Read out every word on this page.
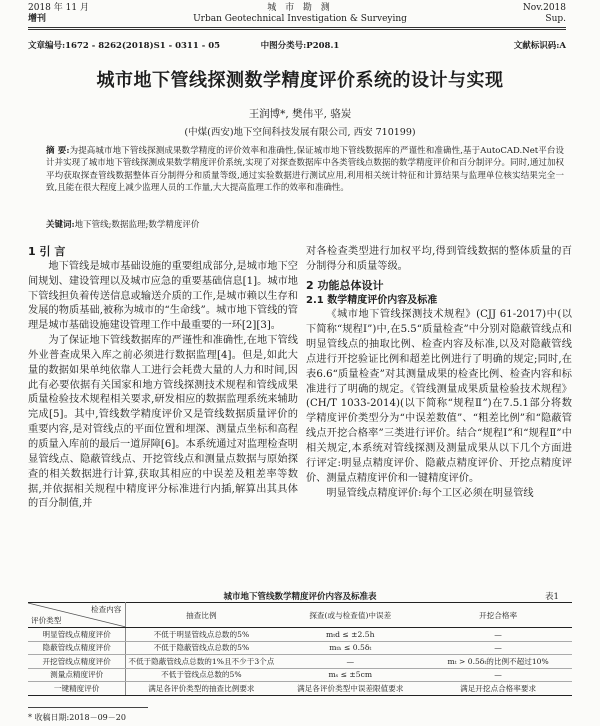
2018 年 11 月
增刊
城 市 勘 测
Urban Geotechnical Investigation & Surveying
Nov.2018
Sup.
文章编号:1672 - 8262(2018)S1 - 0311 - 05	中图分类号:P208.1	文献标识码:A
城市地下管线探测数学精度评价系统的设计与实现
王润博*, 樊伟平, 骆炭
(中煤(西安)地下空间科技发展有限公司, 西安 710199)
摘 要:为提高城市地下管线探测成果数学精度的评价效率和准确性,保证城市地下管线数据库的严谨性和准确性,基于AutoCAD.Net平台设计并实现了城市地下管线探测成果数学精度评价系统,实现了对探查数据库中各类管线点数据的数学精度评价和百分制评分。同时,通过加权平均获取探查管线数据整体百分制得分和质量等级,通过实验数据进行测试应用,利用相关统计特征和计算结果与监理单位核实结果完全一致,且能在很大程度上减少监理人员的工作量,大大提高监理工作的效率和准确性。
关键词:地下管线;数据监理;数学精度评价
1 引 言

地下管线是城市基础设施的重要组成部分,是城市地下空间规划、建设管理以及城市应急的重要基础信息[1]。城市地下管线担负着传送信息或输送介质的工作,是城市赖以生存和发展的物质基础,被称为城市的“生命线”。城市地下管线的管理是城市基础设施建设管理工作中最重要的一环[2][3]。

为了保证地下管线数据库的严谨性和准确性,在地下管线外业普查成果入库之前必须进行数据监理[4]。但是,如此大量的数据如果单纯依靠人工进行会耗费大量的人力和时间,因此有必要依据有关国家和地方管线探测技术规程和管线成果质量检验技术规程相关要求,研发相应的数据监理系统来辅助完成[5]。其中,管线数学精度评价又是管线数据质量评价的重要内容,是对管线点的平面位置和埋深、测量点坐标和高程的质量入库前的最后一道屏障[6]。本系统通过对监理检查明显管线点、隐蔽管线点、开挖管线点和测量点数据与原始探查的相关数据进行计算,获取其相应的中误差及粗差率等数据,并依据相关规程中精度评分标准进行内插,解算出其具体的百分制值,并

对各检查类型进行加权平均,得到管线数据的整体质量的百分制得分和质量等级。

2 功能总体设计
2.1 数学精度评价内容及标准

《城市地下管线探测技术规程》(CJJ 61-2017)中(以下简称“规程Ⅰ”)中,在5.5“质量检查”中分别对隐蔽管线点和明显管线点的抽取比例、检查内容及标准,以及对隐蔽管线点进行开挖验证比例和超差比例进行了明确的规定;同时,在表6.6“质量检查”对其测量成果的检查比例、检查内容和标准进行了明确的规定。《管线测量成果质量检验技术规程》(CH/T 1033-2014)(以下简称“规程Ⅱ”)在7.5.1部分将数学精度评价类型分为“中误差数值”、“粗差比例”和“隐蔽管线点开挖合格率”三类进行评价。结合“规程Ⅰ”和“规程Ⅱ”中相关规定,本系统对管线探测及测量成果从以下几个方面进行评定:明显点精度评价、隐蔽点精度评价、开挖点精度评价、测量点精度评价和一键精度评价。

明显管线点精度评价:每个工区必须在明显管线

城市地下管线数学精度评价内容及标准表	表1
检查内容
评价类型	抽查比例	探查(或与检查值)中误差	开挖合格率
明显管线点精度评价	不低于明显管线点总数的5%	mₜd ≤ ±2.5h	—
隐蔽管线点精度评价	不低于隐蔽管线点总数的5%	mₜₕ ≤ 0.5δₜ	—
开挖管线点精度评价	不低于隐蔽管线点总数的1%且不少于3个点	—	mₜ > 0.5δₜ的比例不超过10%
测量点精度评价	不低于管线点总数的5%	mₛ ≤ ±5cm	—
一键精度评价	满足各评价类型的抽查比例要求	满足各评价类型中误差限值要求	满足开挖点合格率要求
* 收稿日期:2018－09－20
